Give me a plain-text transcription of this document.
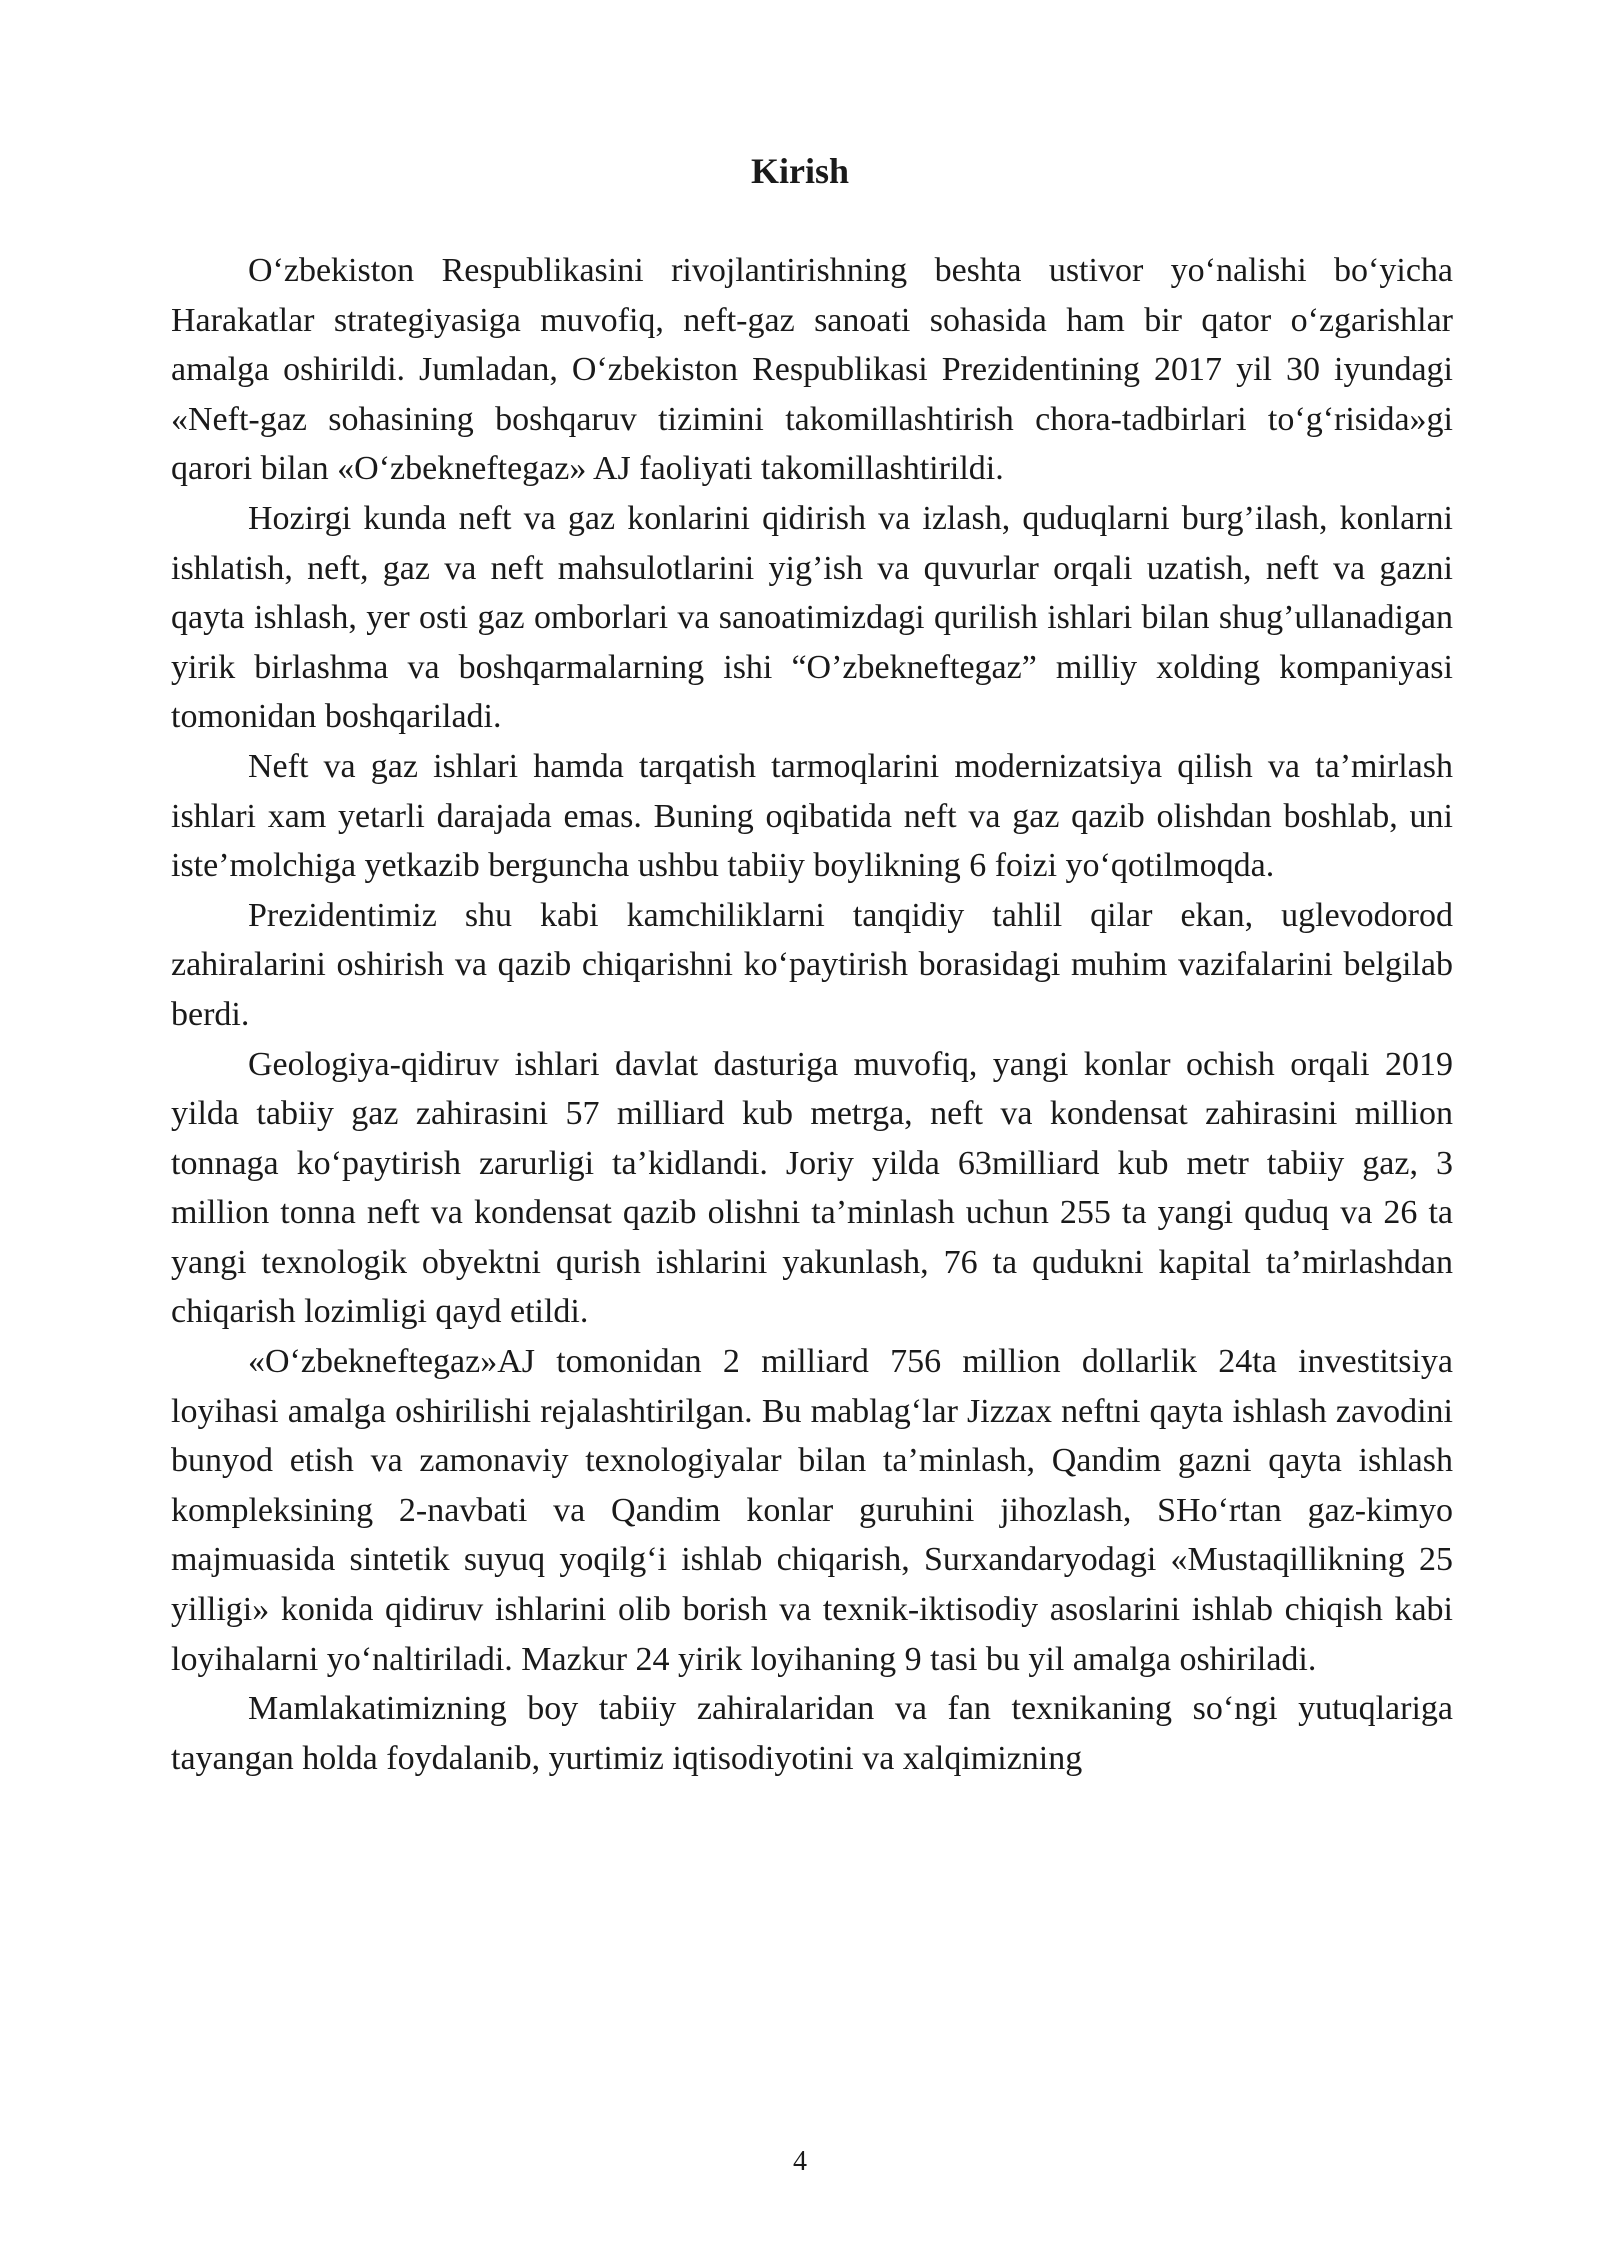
Kirish

O‘zbekiston Respublikasini rivojlantirishning beshta ustivor yo‘nalishi bo‘yicha Harakatlar strategiyasiga muvofiq, neft-gaz sanoati sohasida ham bir qator o‘zgarishlar amalga oshirildi. Jumladan, O‘zbekiston Respublikasi Prezidentining 2017 yil 30 iyundagi «Neft-gaz sohasining boshqaruv tizimini takomillashtirish chora-tadbirlari to‘g‘risida»gi qarori bilan «O‘zbekneftegaz» AJ faoliyati takomillashtirildi.

Hozirgi kunda neft va gaz konlarini qidirish va izlash, quduqlarni burg’ilash, konlarni ishlatish, neft, gaz va neft mahsulotlarini yig’ish va quvurlar orqali uzatish, neft va gazni qayta ishlash, yer osti gaz omborlari va sanoatimizdagi qurilish ishlari bilan shug’ullanadigan yirik birlashma va boshqarmalarning ishi “O’zbekneftegaz” milliy xolding kompaniyasi tomonidan boshqariladi.

Neft va gaz ishlari hamda tarqatish tarmoqlarini modernizatsiya qilish va ta’mirlash ishlari xam yetarli darajada emas. Buning oqibatida neft va gaz qazib olishdan boshlab, uni iste’molchiga yetkazib berguncha ushbu tabiiy boylikning 6 foizi yo‘qotilmoqda.

Prezidentimiz shu kabi kamchiliklarni tanqidiy tahlil qilar ekan, uglevodorod zahiralarini oshirish va qazib chiqarishni ko‘paytirish borasidagi muhim vazifalarini belgilab berdi.

Geologiya-qidiruv ishlari davlat dasturiga muvofiq, yangi konlar ochish orqali 2019 yilda tabiiy gaz zahirasini 57 milliard kub metrga, neft va kondensat zahirasini million tonnaga ko‘paytirish zarurligi ta’kidlandi. Joriy yilda 63milliard kub metr tabiiy gaz, 3 million tonna neft va kondensat qazib olishni ta’minlash uchun 255 ta yangi quduq va 26 ta yangi texnologik obyektni qurish ishlarini yakunlash, 76 ta qudukni kapital ta’mirlashdan chiqarish lozimligi qayd etildi.

«O‘zbekneftegaz»AJ tomonidan 2 milliard 756 million dollarlik 24ta investitsiya loyihasi amalga oshirilishi rejalashtirilgan. Bu mablag‘lar Jizzax neftni qayta ishlash zavodini bunyod etish va zamonaviy texnologiyalar bilan ta’minlash, Qandim gazni qayta ishlash kompleksining 2-navbati va Qandim konlar guruhini jihozlash, SHo‘rtan gaz-kimyo majmuasida sintetik suyuq yoqilg‘i ishlab chiqarish, Surxandaryodagi «Mustaqillikning 25 yilligi» konida qidiruv ishlarini olib borish va texnik-iktisodiy asoslarini ishlab chiqish kabi loyihalarni yo‘naltiriladi. Mazkur 24 yirik loyihaning 9 tasi bu yil amalga oshiriladi.

Mamlakatimizning boy tabiiy zahiralaridan va fan texnikaning so‘ngi yutuqlariga tayangan holda foydalanib, yurtimiz iqtisodiyotini va xalqimizning

4
